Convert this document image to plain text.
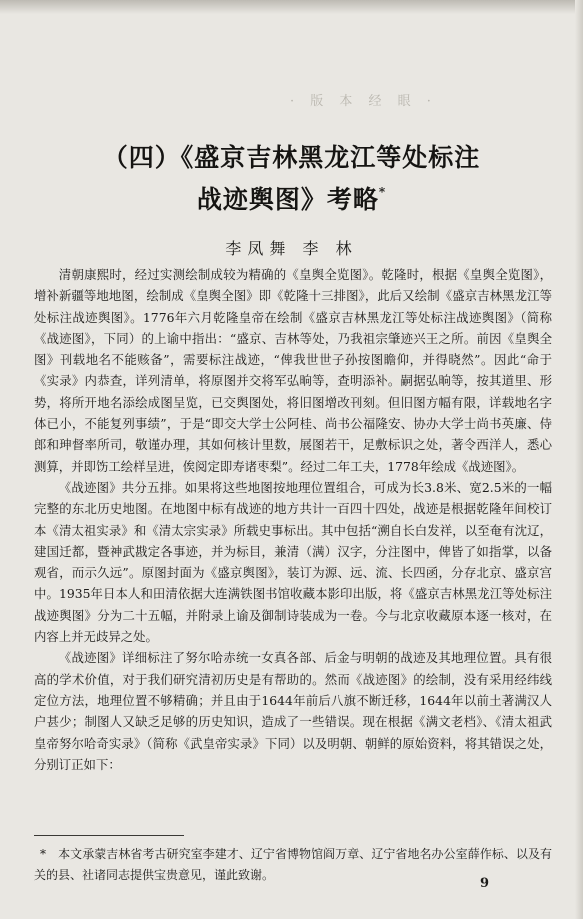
· 版 本 经 眼 ·
（四）《盛京吉林黑龙江等处标注
战迹舆图》考略*
李凤舞 李 林

清朝康熙时，经过实测绘制成较为精确的《皇舆全览图》。乾隆时，根据《皇舆全览图》，增补新疆等地地图，绘制成《皇舆全图》即《乾隆十三排图》，此后又绘制《盛京吉林黑龙江等处标注战迹舆图》。1776年六月乾隆皇帝在绘制《盛京吉林黑龙江等处标注战迹舆图》（简称《战迹图》，下同）的上谕中指出：“盛京、吉林等处，乃我祖宗肇迹兴王之所。前因《皇舆全图》刊载地名不能赅备”，需要标注战迹，“俾我世世子孙按图瞻仰，并得晓然”。因此“命于《实录》内恭查，详列清单，将原图并交将军弘晌等，查明添补。嗣据弘晌等，按其道里、形势，将所开地名添绘成图呈览，已交舆图处，将旧图增改刊刻。但旧图方幅有限，详载地名字体已小，不能复列事绩”，于是“即交大学士公阿桂、尚书公福隆安、协办大学士尚书英廉、侍郎和珅督率所司，敬谨办理，其如何核计里数，展图若干，足敷标识之处，著令西洋人，悉心测算，并即饬工绘样呈进，俟阅定即寿诸枣梨”。经过二年工夫，1778年绘成《战迹图》。

《战迹图》共分五排。如果将这些地图按地理位置组合，可成为长3.8米、宽2.5米的一幅完整的东北历史地图。在地图中标有战迹的地方共计一百四十四处，战迹是根据乾隆年间校订本《清太祖实录》和《清太宗实录》所载史事标出。其中包括“溯自长白发祥，以至奄有沈辽，建国迁都，暨神武戡定各事迹，并为标目，兼清（满）汉字，分注图中，俾皆了如指掌，以备观省，而示久远”。原图封面为《盛京舆图》，装订为源、远、流、长四函，分存北京、盛京宫中。1935年日本人和田清依据大连满铁图书馆收藏本影印出版，将《盛京吉林黑龙江等处标注战迹舆图》分为二十五幅，并附录上谕及御制诗装成为一卷。今与北京收藏原本逐一核对，在内容上并无歧异之处。

《战迹图》详细标注了努尔哈赤统一女真各部、后金与明朝的战迹及其地理位置。具有很高的学术价值，对于我们研究清初历史是有帮助的。然而《战迹图》的绘制，没有采用经纬线定位方法，地理位置不够精确；并且由于1644年前后八旗不断迁移，1644年以前土著满汉人户甚少；制图人又缺乏足够的历史知识，造成了一些错误。现在根据《满文老档》、《清太祖武皇帝努尔哈奇实录》（简称《武皇帝实录》下同）以及明朝、朝鲜的原始资料，将其错误之处，分别订正如下：

*　本文承蒙吉林省考古研究室李建才、辽宁省博物馆阎万章、辽宁省地名办公室薛作标、以及有关的县、社诸同志提供宝贵意见，谨此致谢。
9
